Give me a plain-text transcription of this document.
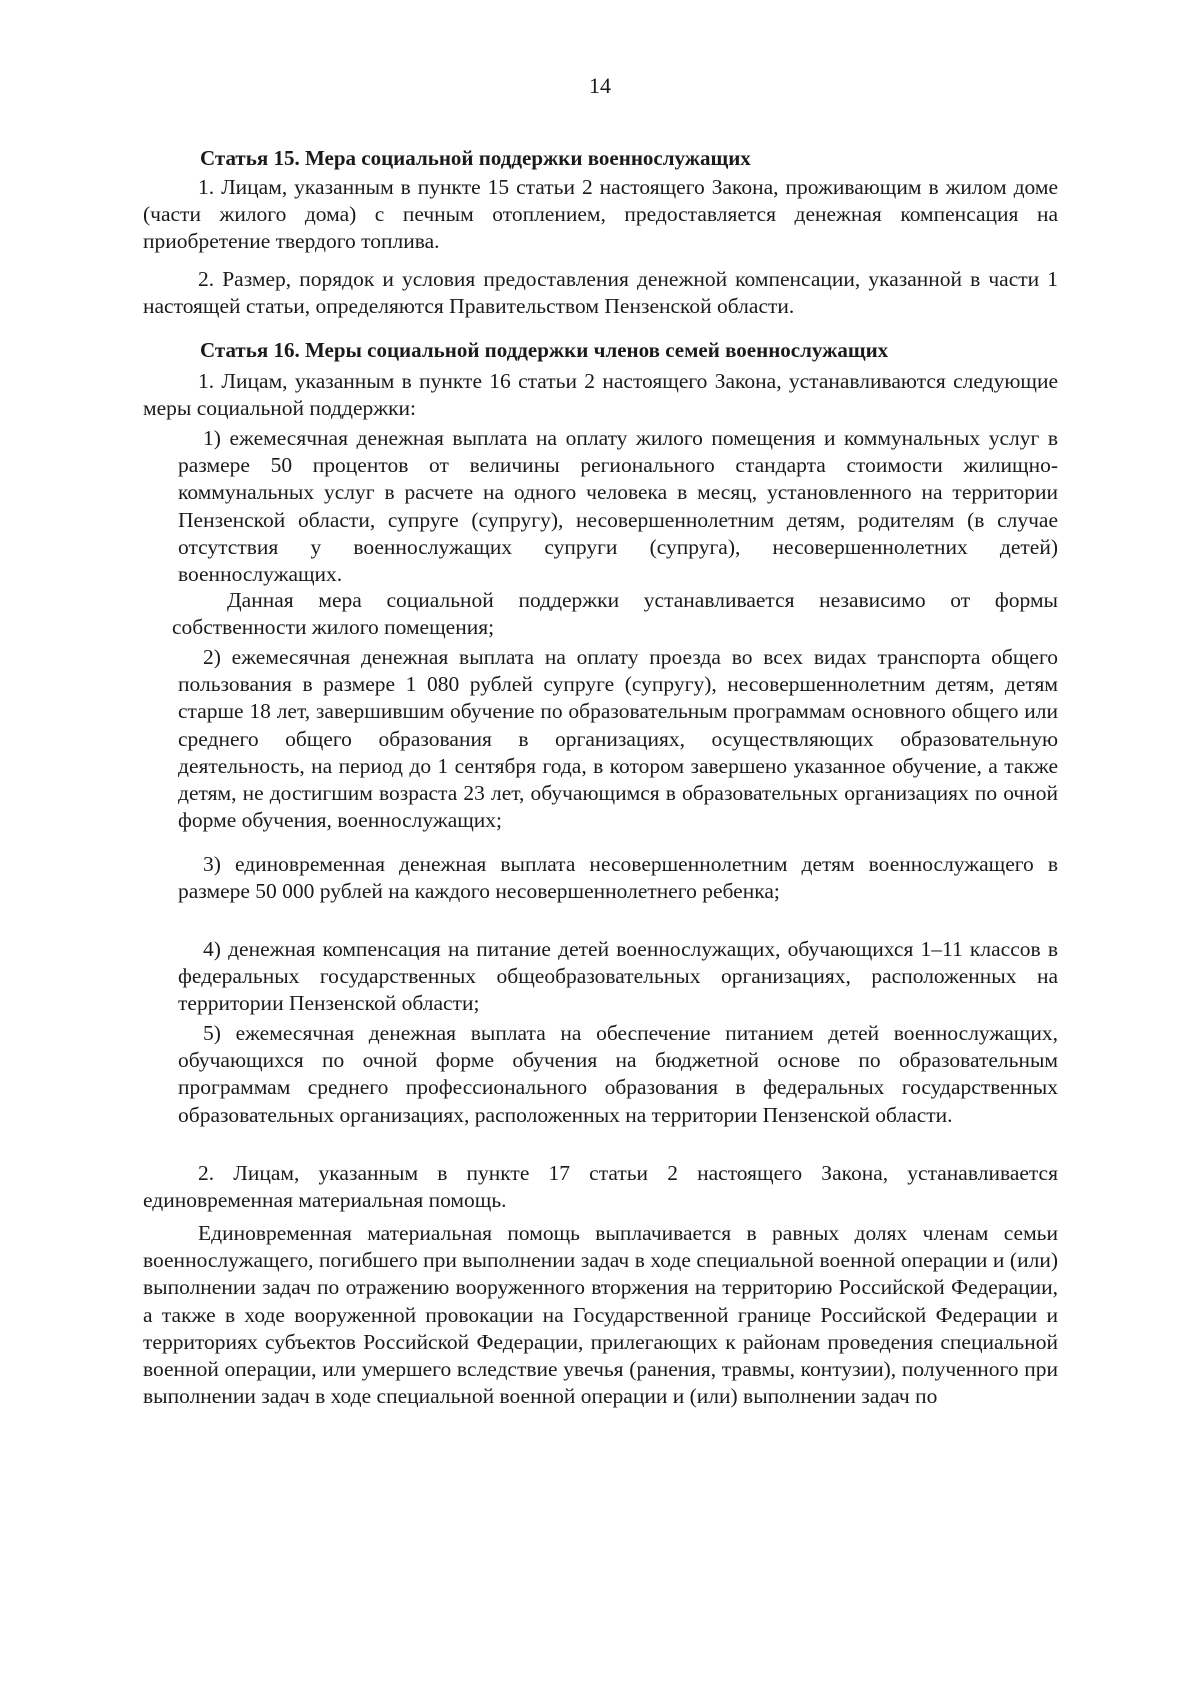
14
Статья 15. Мера социальной поддержки военнослужащих

1. Лицам, указанным в пункте 15 статьи 2 настоящего Закона, проживающим в жилом доме (части жилого дома) с печным отоплением, предоставляется денежная компенсация на приобретение твердого топлива.

2. Размер, порядок и условия предоставления денежной компенсации, указанной в части 1 настоящей статьи, определяются Правительством Пензенской области.

Статья 16. Меры социальной поддержки членов семей военнослужащих

1. Лицам, указанным в пункте 16 статьи 2 настоящего Закона, устанавливаются следующие меры социальной поддержки:

1) ежемесячная денежная выплата на оплату жилого помещения и коммунальных услуг в размере 50 процентов от величины регионального стандарта стоимости жилищно-коммунальных услуг в расчете на одного человека в месяц, установленного на территории Пензенской области, супруге (супругу), несовершеннолетним детям, родителям (в случае отсутствия у военнослужащих супруги (супруга), несовершеннолетних детей) военнослужащих.

Данная мера социальной поддержки устанавливается независимо от формы собственности жилого помещения;

2) ежемесячная денежная выплата на оплату проезда во всех видах транспорта общего пользования в размере 1 080 рублей супруге (супругу), несовершеннолетним детям, детям старше 18 лет, завершившим обучение по образовательным программам основного общего или среднего общего образования в организациях, осуществляющих образовательную деятельность, на период до 1 сентября года, в котором завершено указанное обучение, а также детям, не достигшим возраста 23 лет, обучающимся в образовательных организациях по очной форме обучения, военнослужащих;

3) единовременная денежная выплата несовершеннолетним детям военнослужащего в размере 50 000 рублей на каждого несовершеннолетнего ребенка;

4) денежная компенсация на питание детей военнослужащих, обучающихся 1–11 классов в федеральных государственных общеобразовательных организациях, расположенных на территории Пензенской области;

5) ежемесячная денежная выплата на обеспечение питанием детей военнослужащих, обучающихся по очной форме обучения на бюджетной основе по образовательным программам среднего профессионального образования в федеральных государственных образовательных организациях, расположенных на территории Пензенской области.

2. Лицам, указанным в пункте 17 статьи 2 настоящего Закона, устанавливается единовременная материальная помощь.

Единовременная материальная помощь выплачивается в равных долях членам семьи военнослужащего, погибшего при выполнении задач в ходе специальной военной операции и (или) выполнении задач по отражению вооруженного вторжения на территорию Российской Федерации, а также в ходе вооруженной провокации на Государственной границе Российской Федерации и территориях субъектов Российской Федерации, прилегающих к районам проведения специальной военной операции, или умершего вследствие увечья (ранения, травмы, контузии), полученного при выполнении задач в ходе специальной военной операции и (или) выполнении задач по
